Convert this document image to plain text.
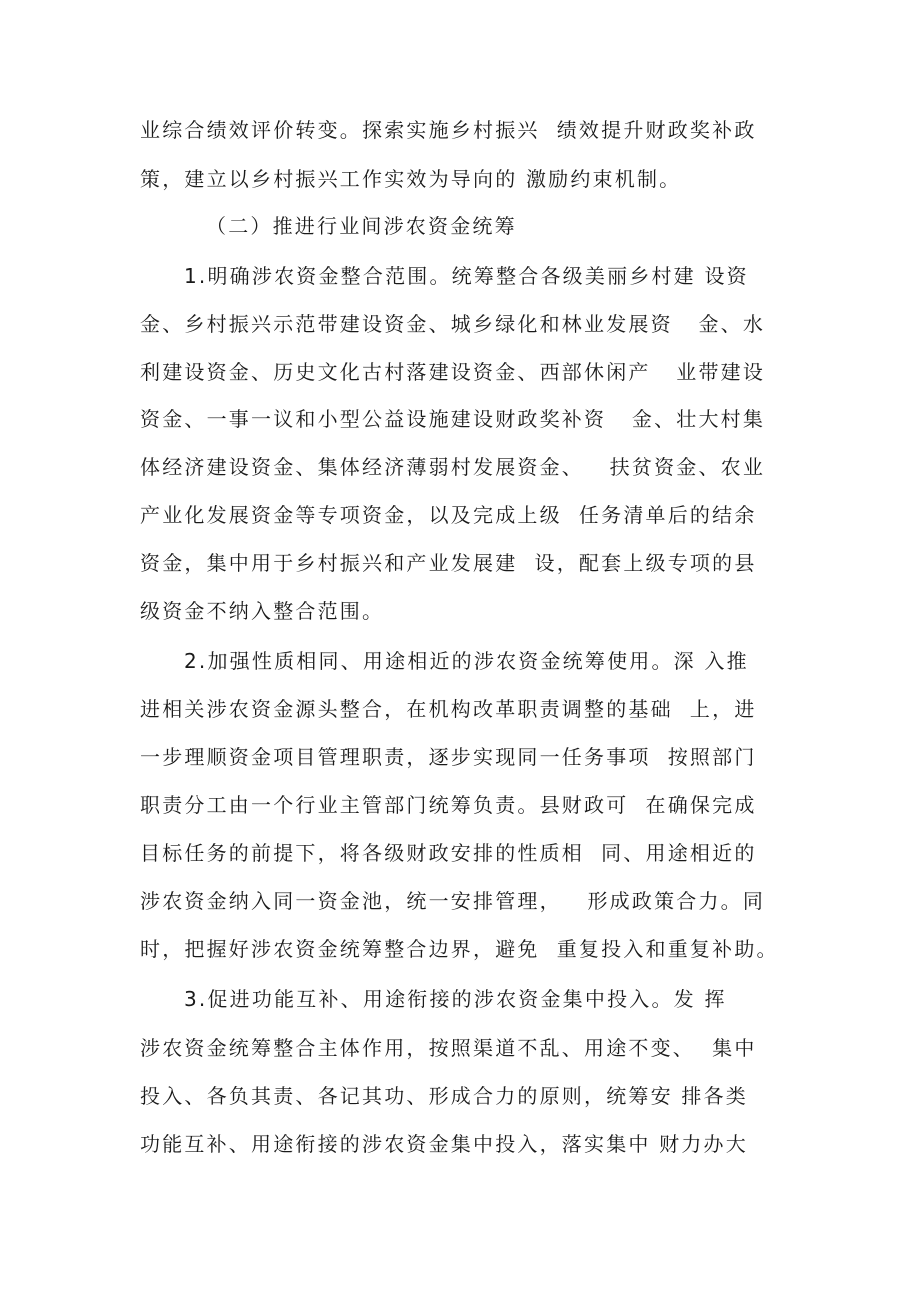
业综合绩效评价转变。探索实施乡村振兴  绩效提升财政奖补政
策，建立以乡村振兴工作实效为导向的 激励约束机制。
（二）推进行业间涉农资金统筹
1.明确涉农资金整合范围。统筹整合各级美丽乡村建 设资
金、乡村振兴示范带建设资金、城乡绿化和林业发展资   金、水
利建设资金、历史文化古村落建设资金、西部休闲产   业带建设
资金、一事一议和小型公益设施建设财政奖补资   金、壮大村集
体经济建设资金、集体经济薄弱村发展资金、   扶贫资金、农业
产业化发展资金等专项资金，以及完成上级  任务清单后的结余
资金，集中用于乡村振兴和产业发展建  设，配套上级专项的县
级资金不纳入整合范围。
2.加强性质相同、用途相近的涉农资金统筹使用。深 入推
进相关涉农资金源头整合，在机构改革职责调整的基础  上，进
一步理顺资金项目管理职责，逐步实现同一任务事项  按照部门
职责分工由一个行业主管部门统筹负责。县财政可  在确保完成
目标任务的前提下，将各级财政安排的性质相  同、用途相近的
涉农资金纳入同一资金池，统一安排管理，   形成政策合力。同
时，把握好涉农资金统筹整合边界，避免  重复投入和重复补助。
3.促进功能互补、用途衔接的涉农资金集中投入。发 挥
涉农资金统筹整合主体作用，按照渠道不乱、用途不变、  集中
投入、各负其责、各记其功、形成合力的原则，统筹安 排各类
功能互补、用途衔接的涉农资金集中投入，落实集中 财力办大
